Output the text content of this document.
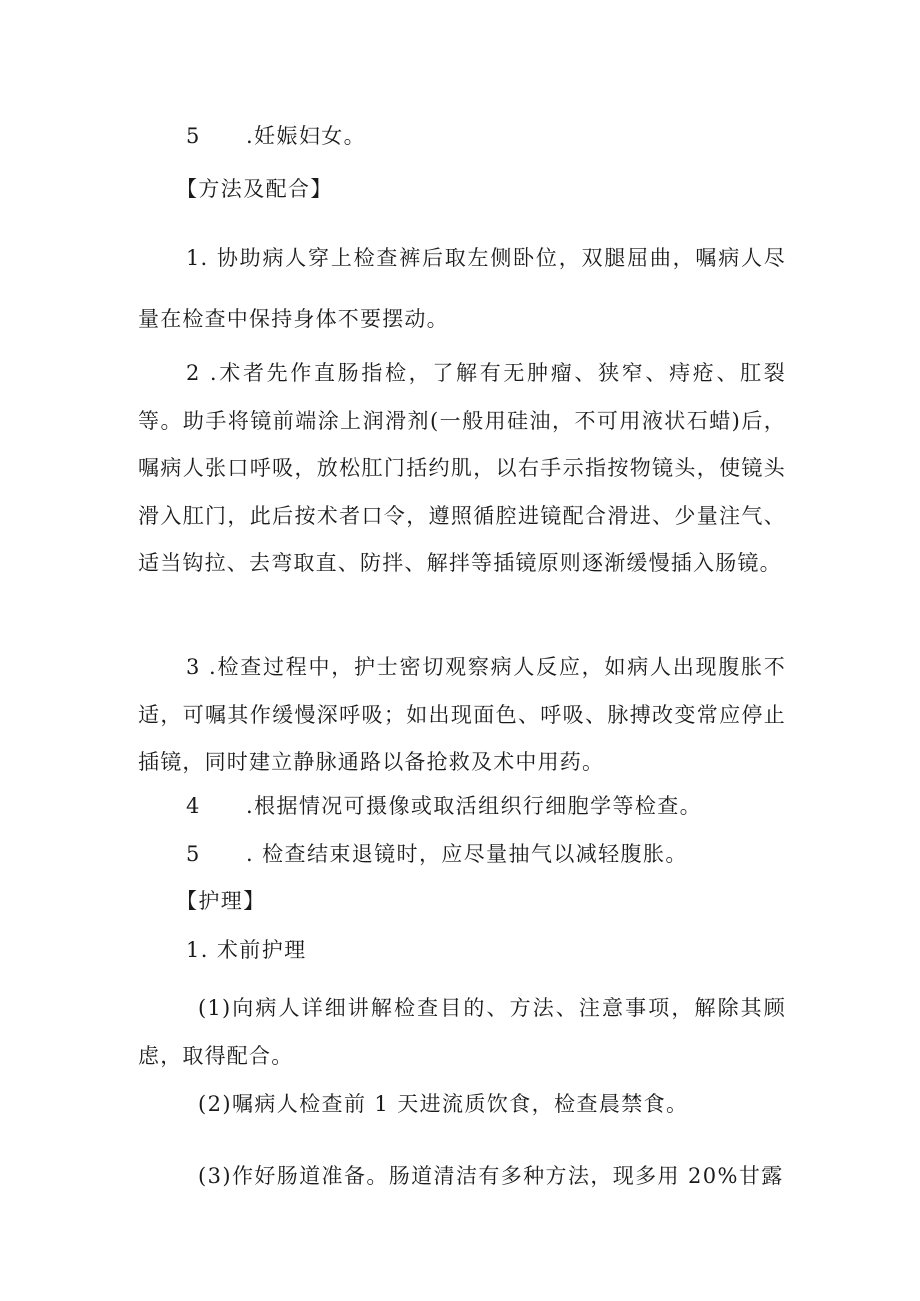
5 .妊娠妇女。
【方法及配合】
1. 协助病人穿上检查裤后取左侧卧位，双腿屈曲，嘱病人尽量在检查中保持身体不要摆动。
2 .术者先作直肠指检，了解有无肿瘤、狭窄、痔疮、肛裂等。助手将镜前端涂上润滑剂(一般用硅油，不可用液状石蜡)后，嘱病人张口呼吸，放松肛门括约肌，以右手示指按物镜头，使镜头滑入肛门，此后按术者口令，遵照循腔进镜配合滑进、少量注气、适当钩拉、去弯取直、防拌、解拌等插镜原则逐渐缓慢插入肠镜。
3 .检查过程中，护士密切观察病人反应，如病人出现腹胀不适，可嘱其作缓慢深呼吸；如出现面色、呼吸、脉搏改变常应停止插镜，同时建立静脉通路以备抢救及术中用药。
4 .根据情况可摄像或取活组织行细胞学等检查。
5 . 检查结束退镜时，应尽量抽气以减轻腹胀。
【护理】
1. 术前护理
(1)向病人详细讲解检查目的、方法、注意事项，解除其顾虑，取得配合。
(2)嘱病人检查前 1 天进流质饮食，检查晨禁食。
(3)作好肠道准备。肠道清洁有多种方法，现多用 20%甘露
